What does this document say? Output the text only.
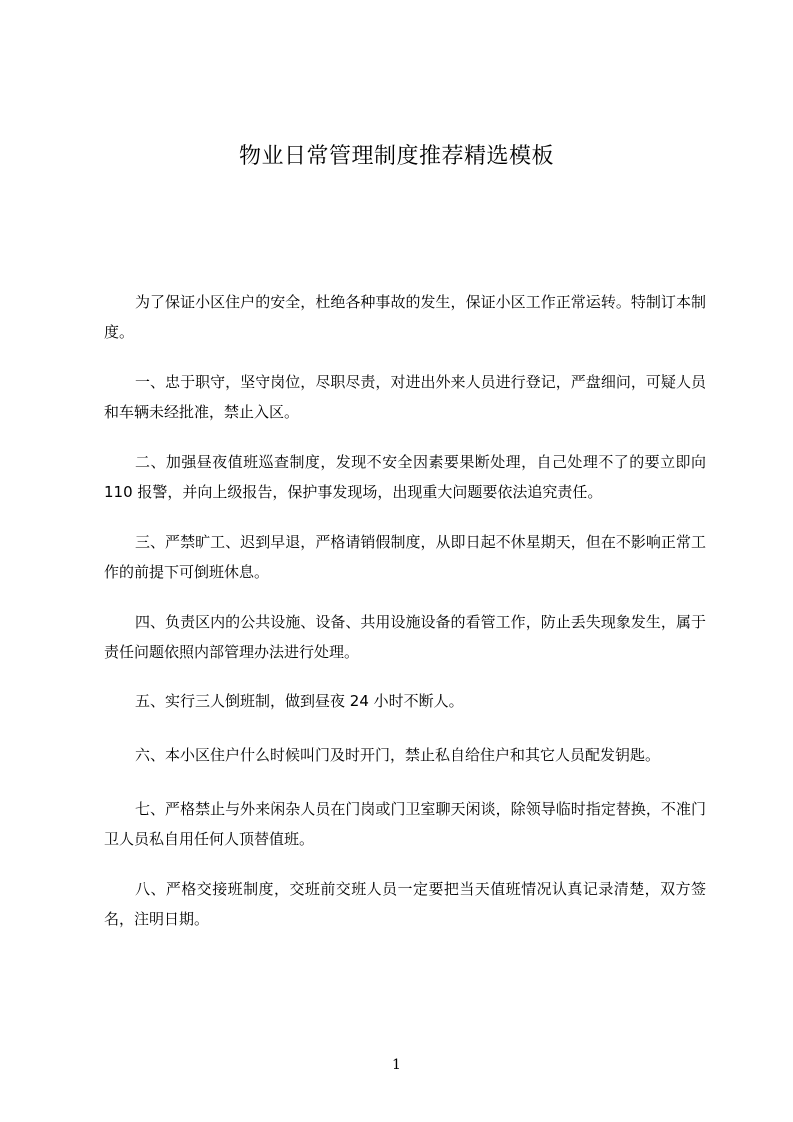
物业日常管理制度推荐精选模板

为了保证小区住户的安全，杜绝各种事故的发生，保证小区工作正常运转。特制订本制度。

一、忠于职守，坚守岗位，尽职尽责，对进出外来人员进行登记，严盘细问，可疑人员和车辆未经批准，禁止入区。

二、加强昼夜值班巡查制度，发现不安全因素要果断处理，自己处理不了的要立即向 110 报警，并向上级报告，保护事发现场，出现重大问题要依法追究责任。

三、严禁旷工、迟到早退，严格请销假制度，从即日起不休星期天，但在不影响正常工作的前提下可倒班休息。

四、负责区内的公共设施、设备、共用设施设备的看管工作，防止丢失现象发生，属于责任问题依照内部管理办法进行处理。

五、实行三人倒班制，做到昼夜 24 小时不断人。

六、本小区住户什么时候叫门及时开门，禁止私自给住户和其它人员配发钥匙。

七、严格禁止与外来闲杂人员在门岗或门卫室聊天闲谈，除领导临时指定替换，不准门卫人员私自用任何人顶替值班。

八、严格交接班制度，交班前交班人员一定要把当天值班情况认真记录清楚，双方签名，注明日期。

1
